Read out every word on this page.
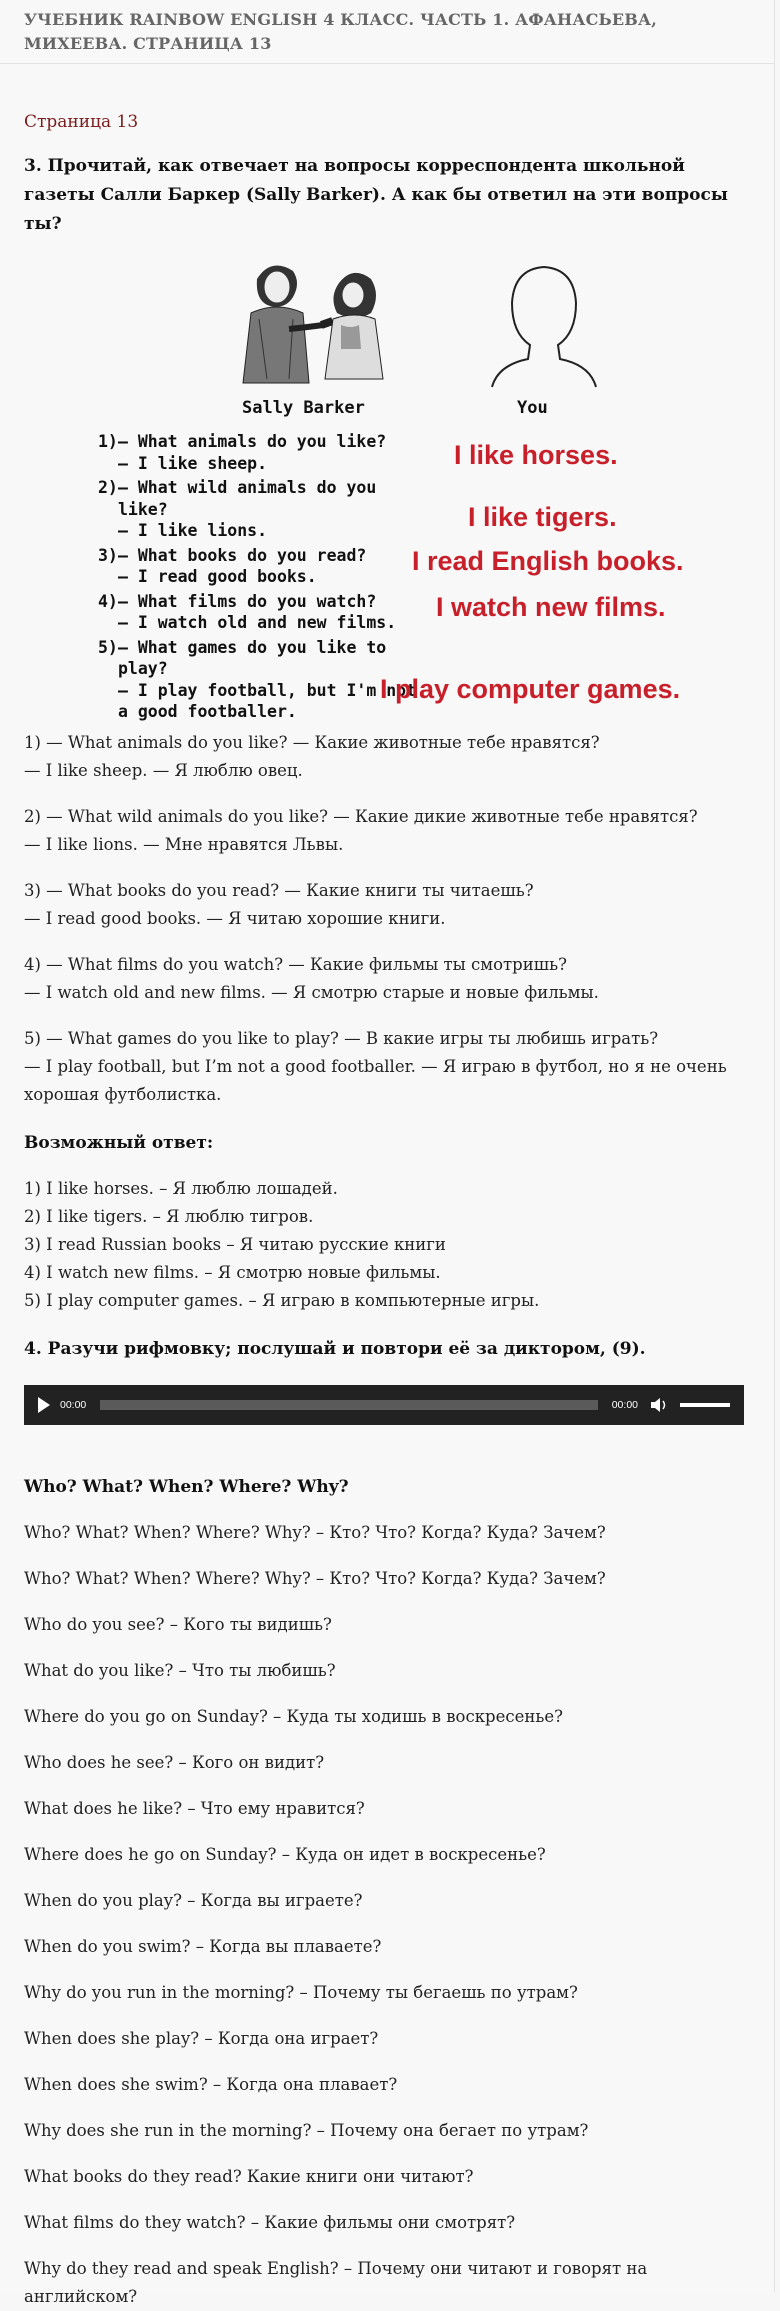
УЧЕБНИК RAINBOW ENGLISH 4 КЛАСС. ЧАСТЬ 1. АФАНАСЬЕВА, МИХЕЕВА. СТРАНИЦА 13

Страница 13

3. Прочитай, как отвечает на вопросы корреспондента школьной газеты Салли Баркер (Sally Barker). А как бы ответил на эти вопросы ты?

Sally Barker	You
1) — What animals do you like?
— I like sheep.
2) — What wild animals do you like?
— I like lions.
3) — What books do you read?
— I read good books.
4) — What films do you watch?
— I watch old and new films.
5) — What games do you like to play?
— I play football, but I'm not a good footballer.
I like horses.
I like tigers.
I read English books.
I watch new films.
I play computer games.

1) — What animals do you like? — Какие животные тебе нравятся?

— I like sheep. — Я люблю овец.

2) — What wild animals do you like? — Какие дикие животные тебе нравятся?

— I like lions. — Мне нравятся Львы.

3) — What books do you read? — Какие книги ты читаешь?

— I read good books. — Я читаю хорошие книги.

4) — What films do you watch? — Какие фильмы ты смотришь?

— I watch old and new films. — Я смотрю старые и новые фильмы.

5) — What games do you like to play? — В какие игры ты любишь играть?

— I play football, but I’m not a good footballer. — Я играю в футбол, но я не очень хорошая футболистка.

Возможный ответ:

1) I like horses. – Я люблю лошадей.

2) I like tigers. – Я люблю тигров.

3) I read Russian books – Я читаю русские книги

4) I watch new films. – Я смотрю новые фильмы.

5) I play computer games. – Я играю в компьютерные игры.

4. Разучи рифмовку; послушай и повтори её за диктором, (9).

00:00	00:00

Who? What? When? Where? Why?

Who? What? When? Where? Why? – Кто? Что? Когда? Куда? Зачем?

Who? What? When? Where? Why? – Кто? Что? Когда? Куда? Зачем?

Who do you see? – Кого ты видишь?

What do you like? – Что ты любишь?

Where do you go on Sunday? – Куда ты ходишь в воскресенье?

Who does he see? – Кого он видит?

What does he like? – Что ему нравится?

Where does he go on Sunday? – Куда он идет в воскресенье?

When do you play? – Когда вы играете?

When do you swim? – Когда вы плаваете?

Why do you run in the morning? – Почему ты бегаешь по утрам?

When does she play? – Когда она играет?

When does she swim? – Когда она плавает?

Why does she run in the morning? – Почему она бегает по утрам?

What books do they read? Какие книги они читают?

What films do they watch? – Какие фильмы они смотрят?

Why do they read and speak English? – Почему они читают и говорят на английском?
